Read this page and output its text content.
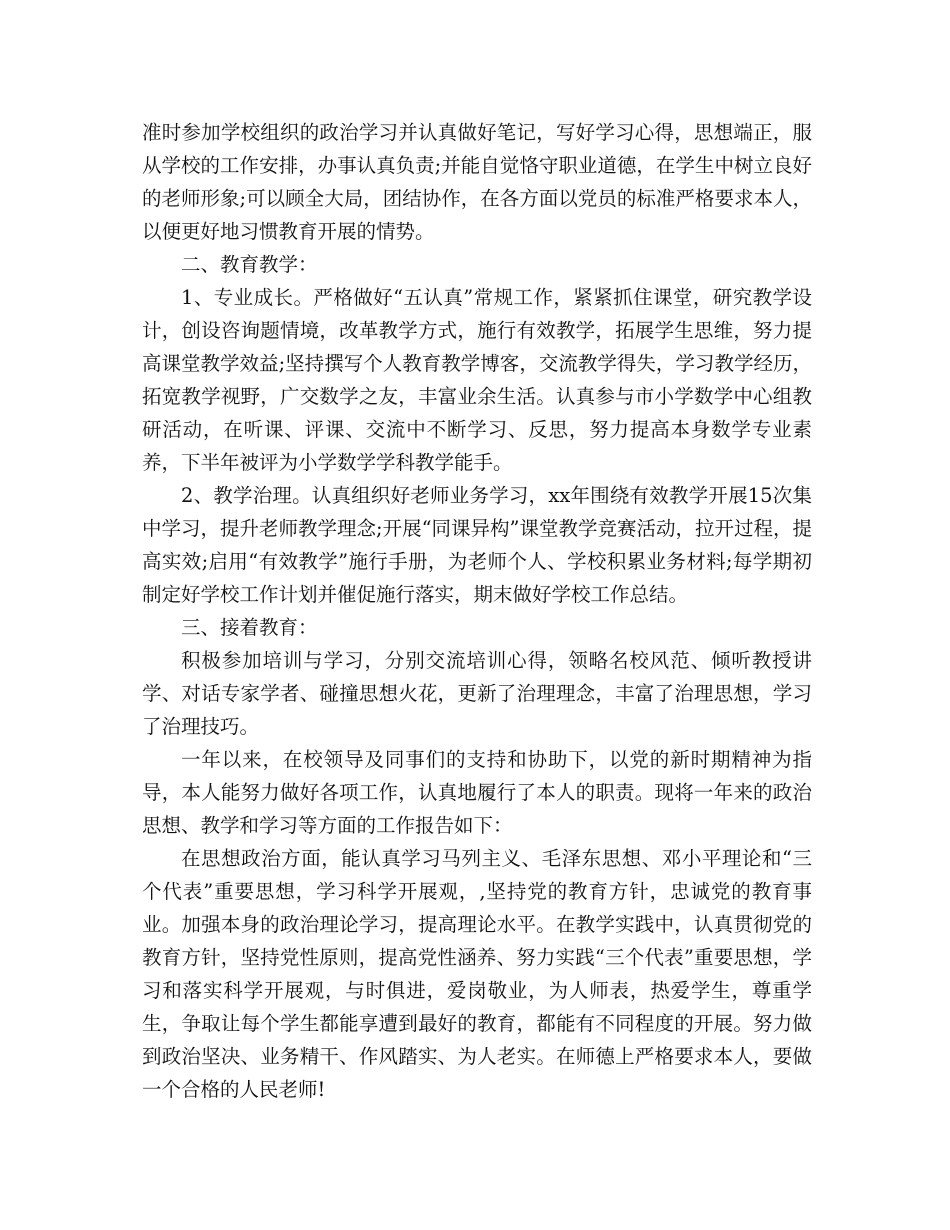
准时参加学校组织的政治学习并认真做好笔记，写好学习心得，思想端正，服从学校的工作安排，办事认真负责;并能自觉恪守职业道德，在学生中树立良好的老师形象;可以顾全大局，团结协作，在各方面以党员的标准严格要求本人，以便更好地习惯教育开展的情势。

二、教育教学：

1、专业成长。严格做好“五认真”常规工作，紧紧抓住课堂，研究教学设计，创设咨询题情境，改革教学方式，施行有效教学，拓展学生思维，努力提高课堂教学效益;坚持撰写个人教育教学博客，交流教学得失，学习教学经历，拓宽教学视野，广交数学之友，丰富业余生活。认真参与市小学数学中心组教研活动，在听课、评课、交流中不断学习、反思，努力提高本身数学专业素养，下半年被评为小学数学学科教学能手。

2、教学治理。认真组织好老师业务学习，xx年围绕有效教学开展15次集中学习，提升老师教学理念;开展“同课异构”课堂教学竞赛活动，拉开过程，提高实效;启用“有效教学”施行手册，为老师个人、学校积累业务材料;每学期初制定好学校工作计划并催促施行落实，期末做好学校工作总结。

三、接着教育：

积极参加培训与学习，分别交流培训心得，领略名校风范、倾听教授讲学、对话专家学者、碰撞思想火花，更新了治理理念，丰富了治理思想，学习了治理技巧。

一年以来，在校领导及同事们的支持和协助下，以党的新时期精神为指导，本人能努力做好各项工作，认真地履行了本人的职责。现将一年来的政治思想、教学和学习等方面的工作报告如下：

在思想政治方面，能认真学习马列主义、毛泽东思想、邓小平理论和“三个代表”重要思想，学习科学开展观，,坚持党的教育方针，忠诚党的教育事业。加强本身的政治理论学习，提高理论水平。在教学实践中，认真贯彻党的教育方针，坚持党性原则，提高党性涵养、努力实践“三个代表”重要思想，学习和落实科学开展观，与时俱进，爱岗敬业，为人师表，热爱学生，尊重学生，争取让每个学生都能享遭到最好的教育，都能有不同程度的开展。努力做到政治坚决、业务精干、作风踏实、为人老实。在师德上严格要求本人，要做一个合格的人民老师!
